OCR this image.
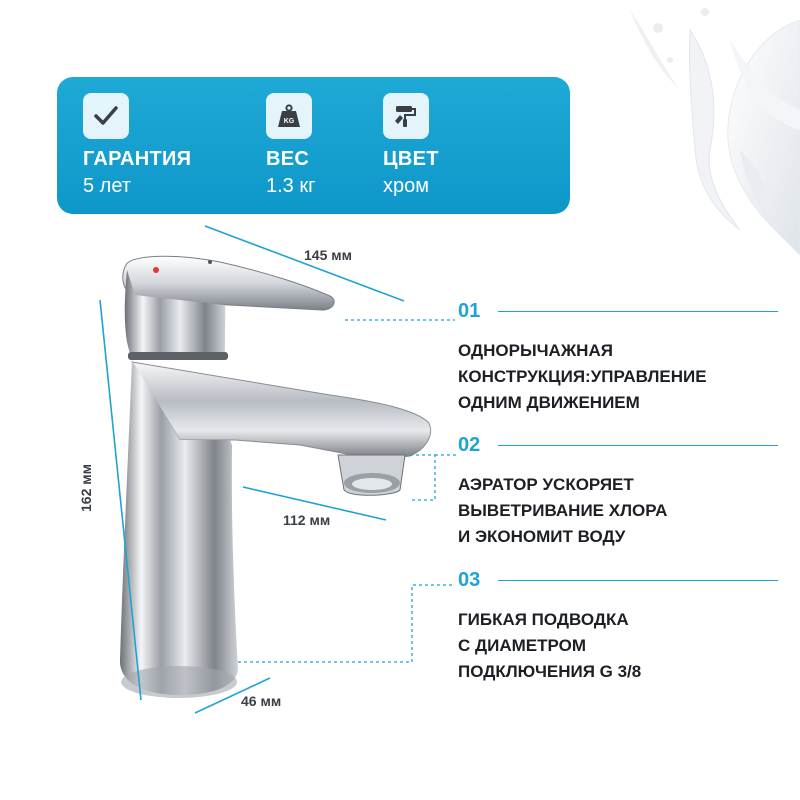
ГАРАНТИЯ
5 лет
KG
ВЕС
1.3 кг
ЦВЕТ
хром
145 мм
162 мм
112 мм
46 мм
01
ОДНОРЫЧАЖНАЯ
КОНСТРУКЦИЯ:УПРАВЛЕНИЕ
ОДНИМ ДВИЖЕНИЕМ
02
АЭРАТОР УСКОРЯЕТ
ВЫВЕТРИВАНИЕ ХЛОРА
И ЭКОНОМИТ ВОДУ
03
ГИБКАЯ ПОДВОДКА
С ДИАМЕТРОМ
ПОДКЛЮЧЕНИЯ G 3/8
